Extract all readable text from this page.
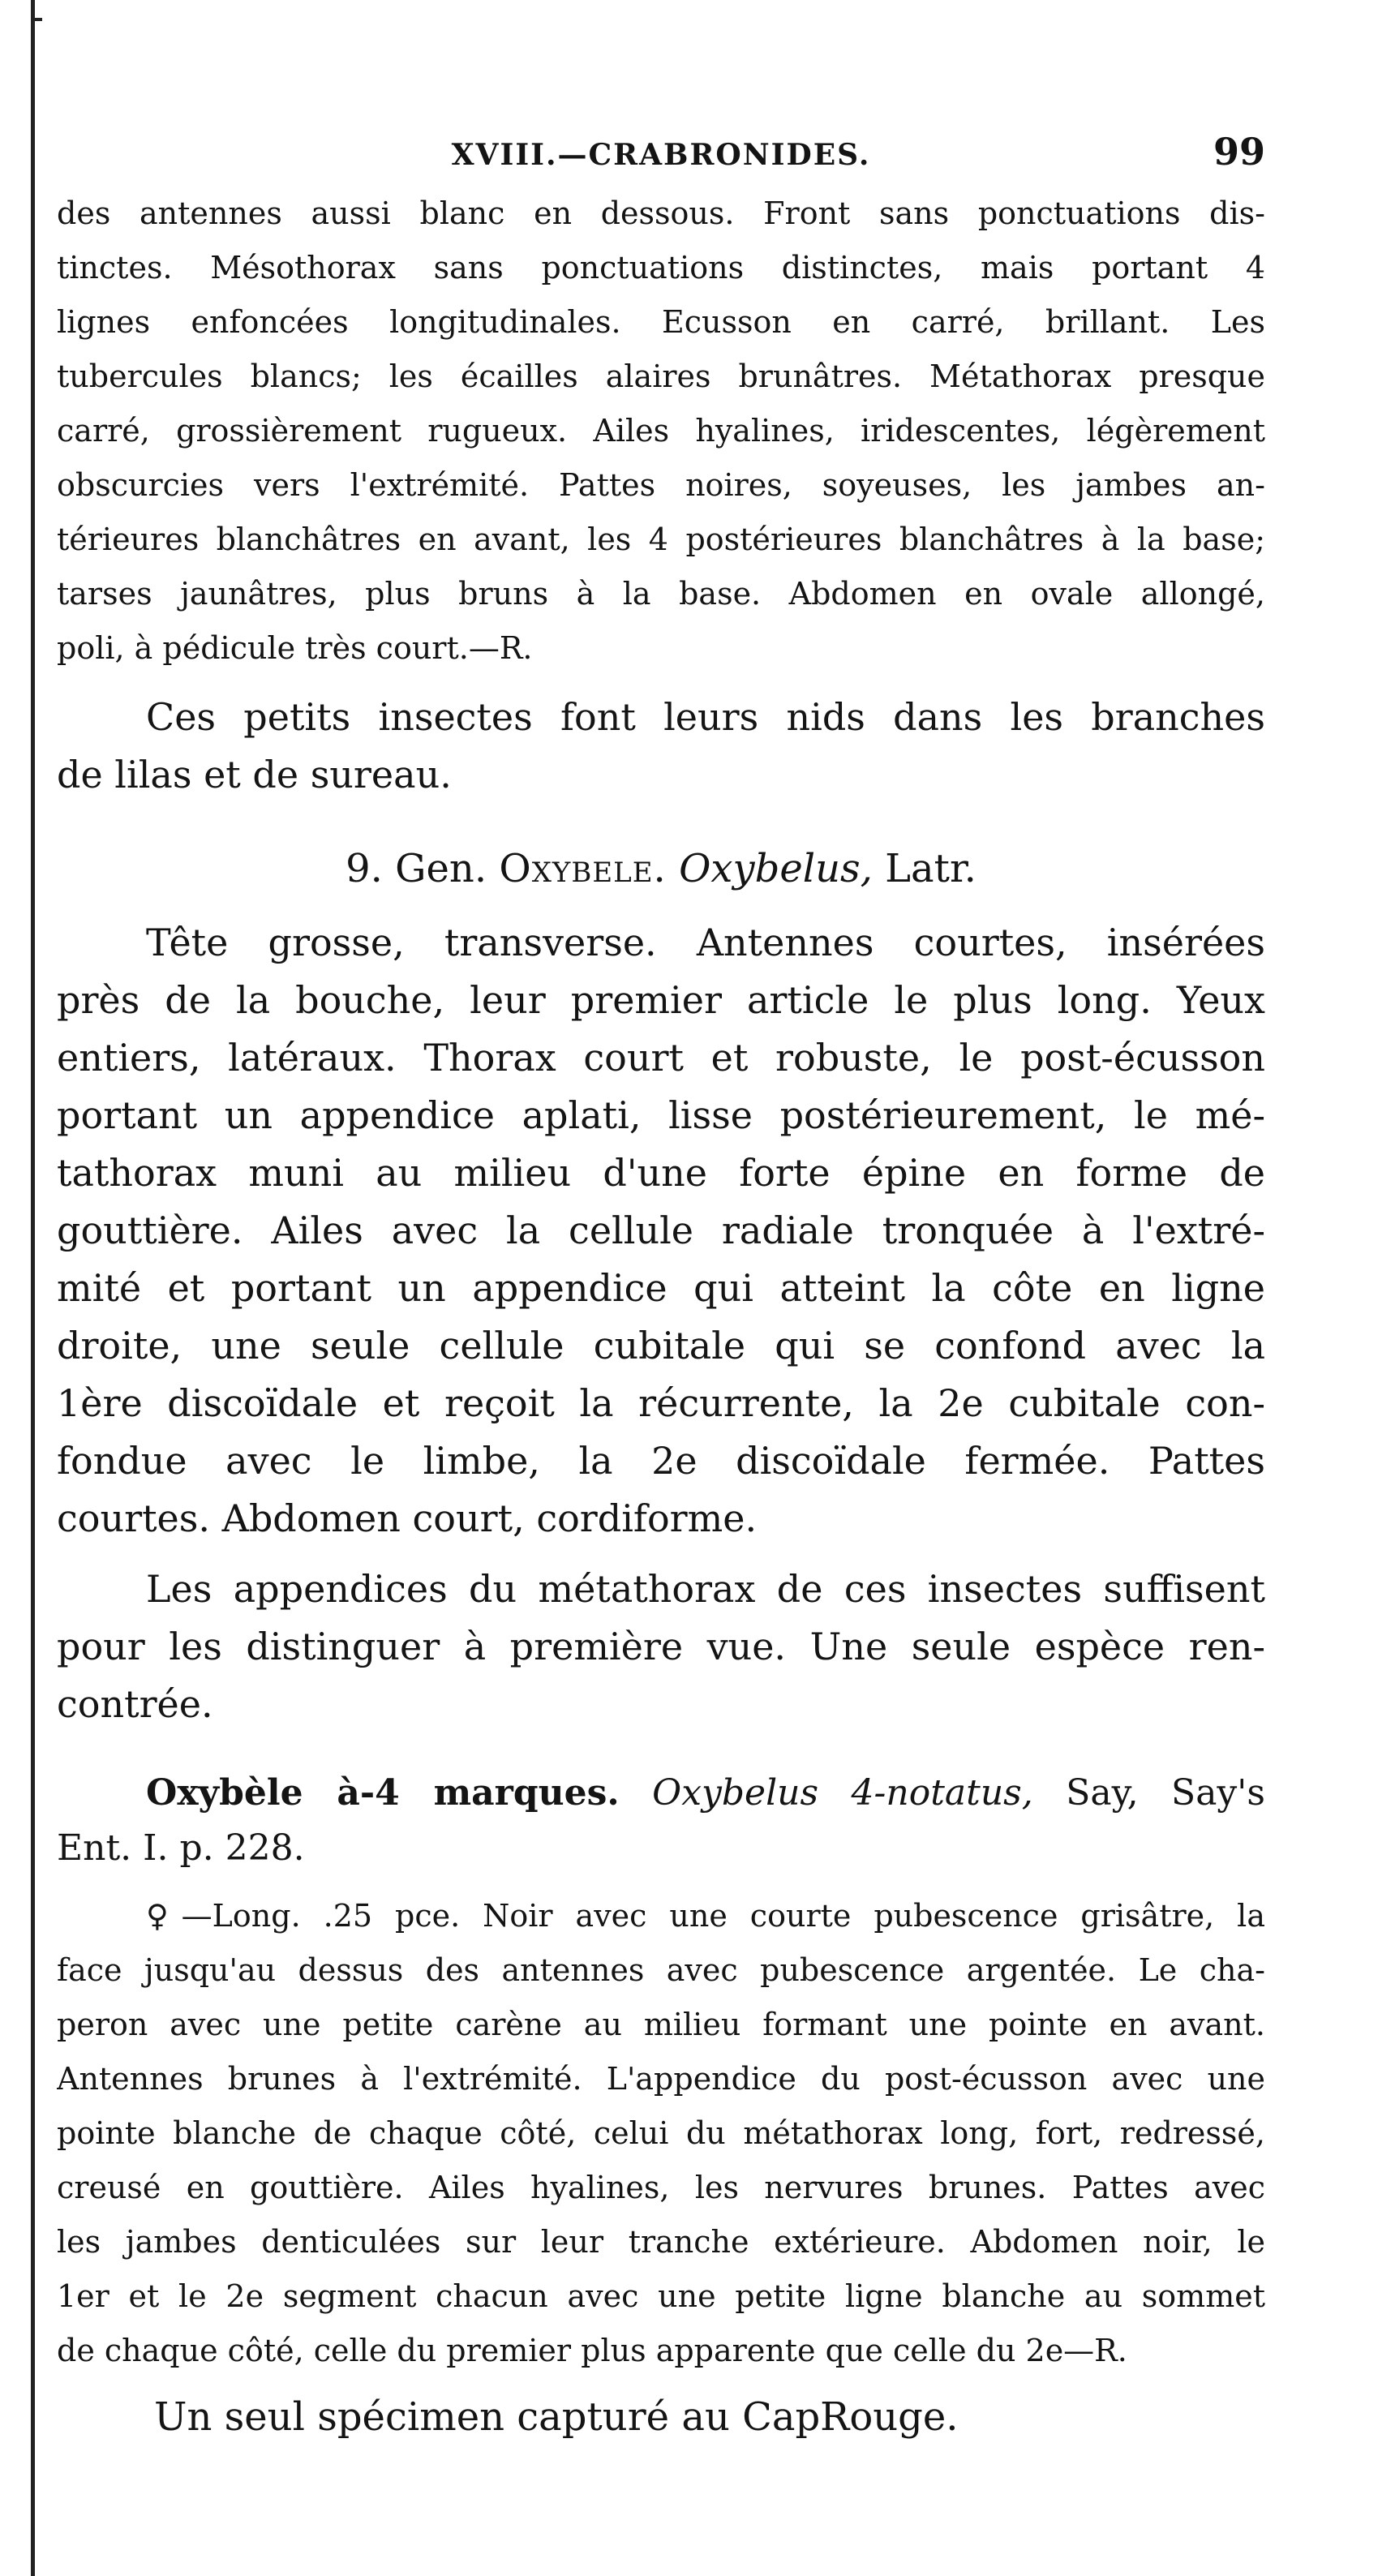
XVIII.—CRABRONIDES.	99

des antennes aussi blanc en dessous. Front sans ponctuations dis-

tinctes. Mésothorax sans ponctuations distinctes, mais portant 4

lignes enfoncées longitudinales. Ecusson en carré, brillant. Les

tubercules blancs; les écailles alaires brunâtres. Métathorax presque

carré, grossièrement rugueux. Ailes hyalines, iridescentes, légèrement

obscurcies vers l'extrémité. Pattes noires, soyeuses, les jambes an-

térieures blanchâtres en avant, les 4 postérieures blanchâtres à la base;

tarses jaunâtres, plus bruns à la base. Abdomen en ovale allongé,

poli, à pédicule très court.—R.

Ces petits insectes font leurs nids dans les branches

de lilas et de sureau.

9. Gen. Oxybele. Oxybelus, Latr.

Tête grosse, transverse. Antennes courtes, insérées

près de la bouche, leur premier article le plus long. Yeux

entiers, latéraux. Thorax court et robuste, le post-écusson

portant un appendice aplati, lisse postérieurement, le mé-

tathorax muni au milieu d'une forte épine en forme de

gouttière. Ailes avec la cellule radiale tronquée à l'extré-

mité et portant un appendice qui atteint la côte en ligne

droite, une seule cellule cubitale qui se confond avec la

1ère discoïdale et reçoit la récurrente, la 2e cubitale con-

fondue avec le limbe, la 2e discoïdale fermée. Pattes

courtes. Abdomen court, cordiforme.

Les appendices du métathorax de ces insectes suffisent

pour les distinguer à première vue. Une seule espèce ren-

contrée.

Oxybèle à-4 marques. Oxybelus 4-notatus, Say, Say's

Ent. I. p. 228.

♀—Long. .25 pce. Noir avec une courte pubescence grisâtre, la

face jusqu'au dessus des antennes avec pubescence argentée. Le cha-

peron avec une petite carène au milieu formant une pointe en avant.

Antennes brunes à l'extrémité. L'appendice du post-écusson avec une

pointe blanche de chaque côté, celui du métathorax long, fort, redressé,

creusé en gouttière. Ailes hyalines, les nervures brunes. Pattes avec

les jambes denticulées sur leur tranche extérieure. Abdomen noir, le

1er et le 2e segment chacun avec une petite ligne blanche au sommet

de chaque côté, celle du premier plus apparente que celle du 2e—R.

Un seul spécimen capturé au CapRouge.
